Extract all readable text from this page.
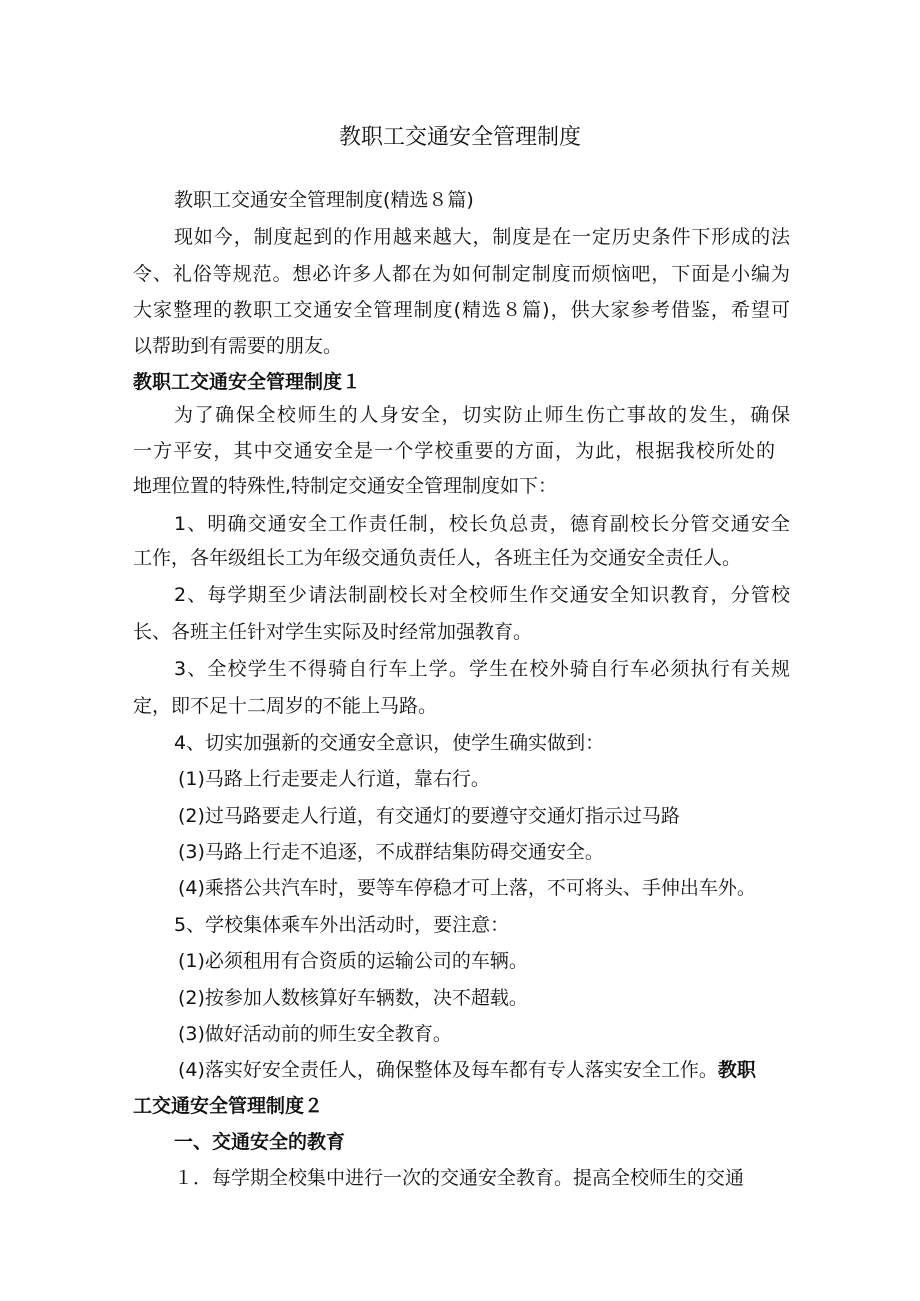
教职工交通安全管理制度

教职工交通安全管理制度(精选８篇)

现如今，制度起到的作用越来越大，制度是在一定历史条件下形成的法

令、礼俗等规范。想必许多人都在为如何制定制度而烦恼吧，下面是小编为

大家整理的教职工交通安全管理制度(精选８篇)，供大家参考借鉴，希望可

以帮助到有需要的朋友。

教职工交通安全管理制度１

为了确保全校师生的人身安全，切实防止师生伤亡事故的发生，确保

一方平安，其中交通安全是一个学校重要的方面，为此，根据我校所处的

地理位置的特殊性,特制定交通安全管理制度如下：

1、明确交通安全工作责任制，校长负总责，德育副校长分管交通安全

工作，各年级组长工为年级交通负责任人，各班主任为交通安全责任人。

2、每学期至少请法制副校长对全校师生作交通安全知识教育，分管校

长、各班主任针对学生实际及时经常加强教育。

3、全校学生不得骑自行车上学。学生在校外骑自行车必须执行有关规

定，即不足十二周岁的不能上马路。

4、切实加强新的交通安全意识，使学生确实做到：

(1)马路上行走要走人行道，靠右行。

(2)过马路要走人行道，有交通灯的要遵守交通灯指示过马路

(3)马路上行走不追逐，不成群结集防碍交通安全。

(4)乘搭公共汽车时，要等车停稳才可上落，不可将头、手伸出车外。

5、学校集体乘车外出活动时，要注意：

(1)必须租用有合资质的运输公司的车辆。

(2)按参加人数核算好车辆数，决不超载。

(3)做好活动前的师生安全教育。

(4)落实好安全责任人，确保整体及每车都有专人落实安全工作。教职

工交通安全管理制度２

一、交通安全的教育

１．每学期全校集中进行一次的交通安全教育。提高全校师生的交通
